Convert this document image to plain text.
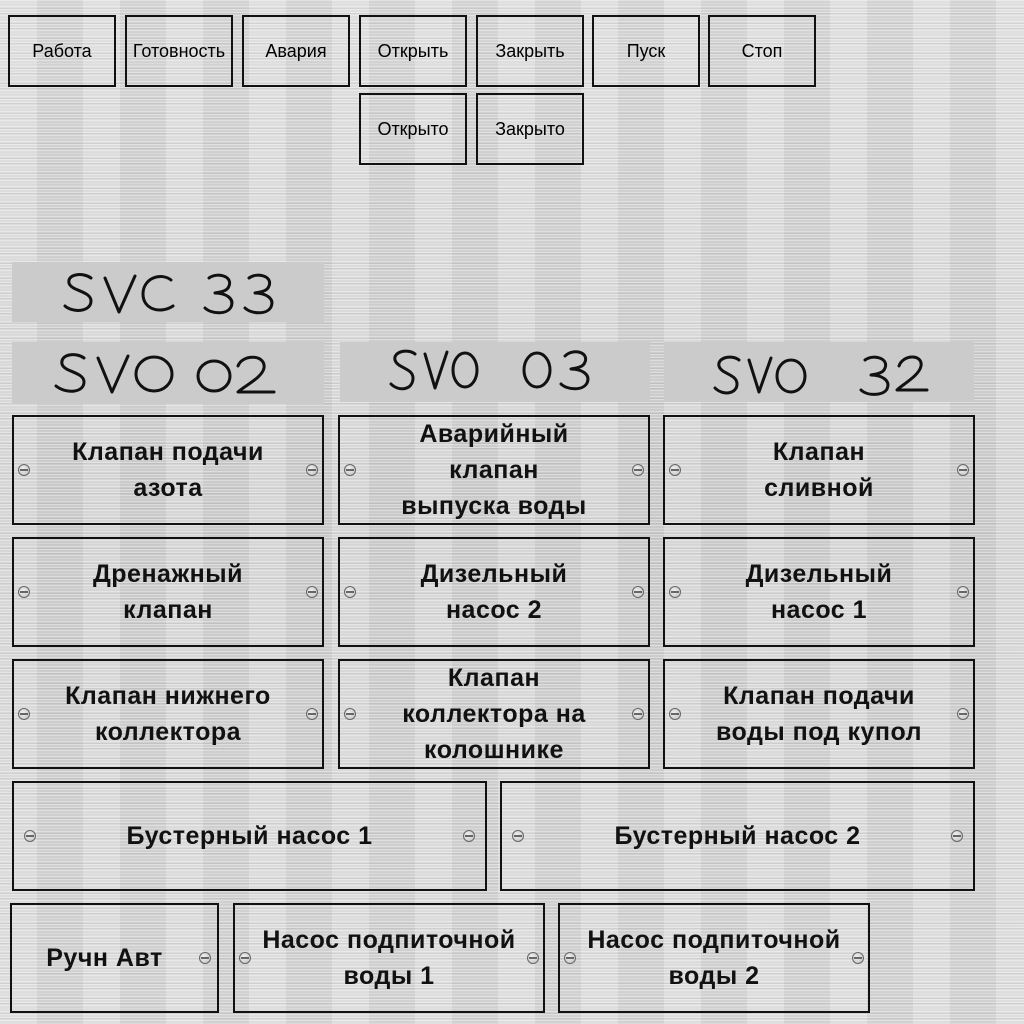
Работа	Готовность	Авария	Открыть	Закрыть	Пуск	Стоп
Открыто	Закрыто
Клапан подачи азота
Аварийный клапан выпуска воды
Клапан сливной
Дренажный клапан
Дизельный насос 2
Дизельный насос 1
Клапан нижнего коллектора
Клапан коллектора на колошнике
Клапан подачи воды под купол
Бустерный насос 1	Бустерный насос 2
Ручн Авт
Насос подпиточной воды 1
Насос подпиточной воды 2
